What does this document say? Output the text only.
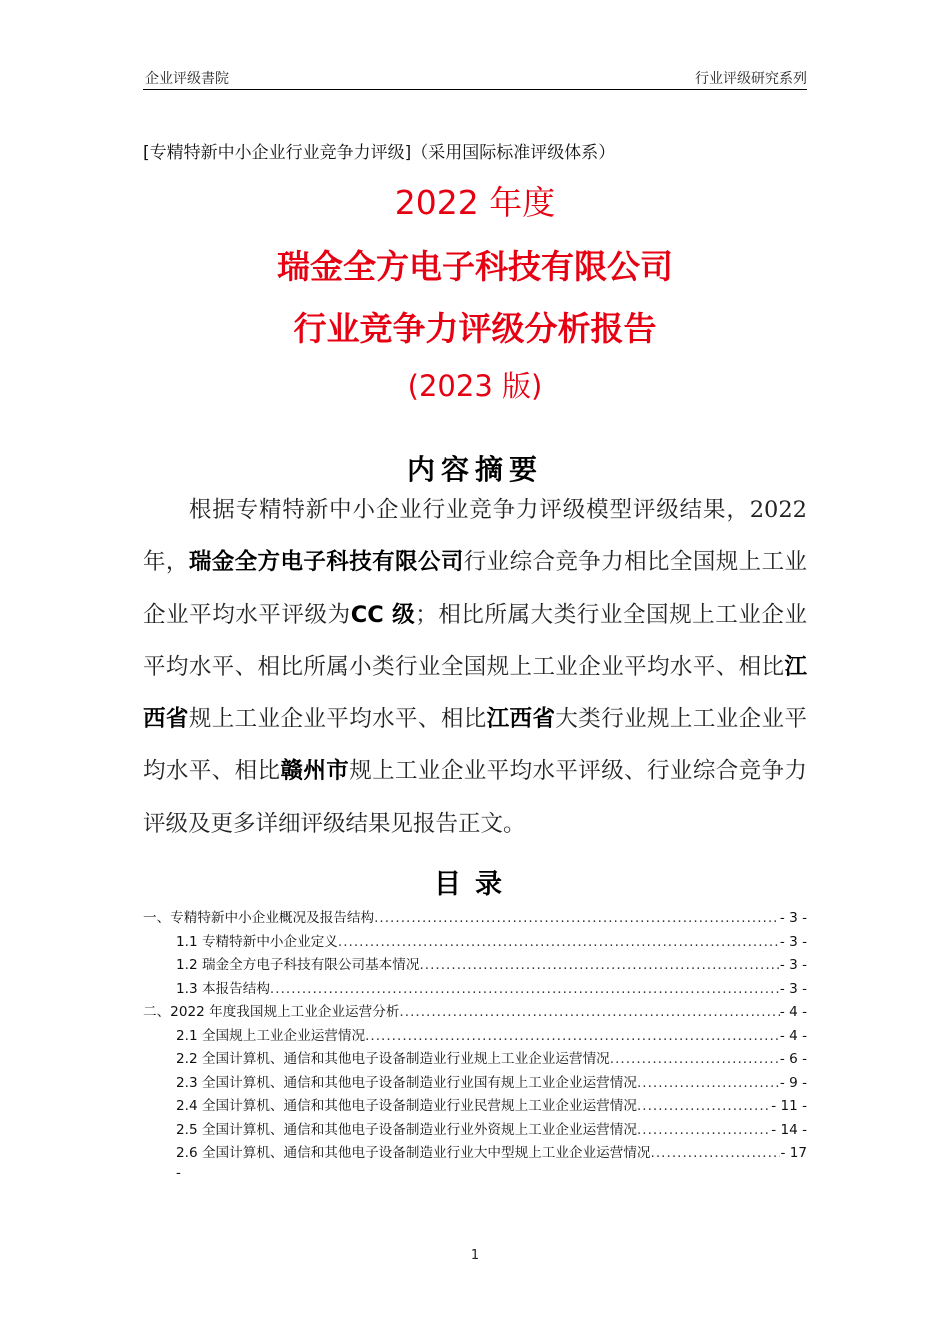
企业评级書院	行业评级研究系列
[专精特新中小企业行业竞争力评级]（采用国际标准评级体系）
2022 年度
瑞金全方电子科技有限公司
行业竞争力评级分析报告
(2023 版)
内容摘要
根据专精特新中小企业行业竞争力评级模型评级结果，2022 年，瑞金全方电子科技有限公司行业综合竞争力相比全国规上工业企业平均水平评级为CC 级；相比所属大类行业全国规上工业企业平均水平、相比所属小类行业全国规上工业企业平均水平、相比江西省规上工业企业平均水平、相比江西省大类行业规上工业企业平均水平、相比赣州市规上工业企业平均水平评级、行业综合竞争力评级及更多详细评级结果见报告正文。
目录
一、专精特新中小企业概况及报告结构 .....	- 3 -
1.1 专精特新中小企业定义 .....	- 3 -
1.2 瑞金全方电子科技有限公司基本情况 .....	- 3 -
1.3 本报告结构 .....	- 3 -
二、2022 年度我国规上工业企业运营分析 .....	- 4 -
2.1 全国规上工业企业运营情况 .....	- 4 -
2.2 全国计算机、通信和其他电子设备制造业行业规上工业企业运营情况 .....	- 6 -
2.3 全国计算机、通信和其他电子设备制造业行业国有规上工业企业运营情况 .....	- 9 -
2.4 全国计算机、通信和其他电子设备制造业行业民营规上工业企业运营情况 .....	- 11 -
2.5 全国计算机、通信和其他电子设备制造业行业外资规上工业企业运营情况 .....	- 14 -
2.6 全国计算机、通信和其他电子设备制造业行业大中型规上工业企业运营情况 .....	- 17
-
1
